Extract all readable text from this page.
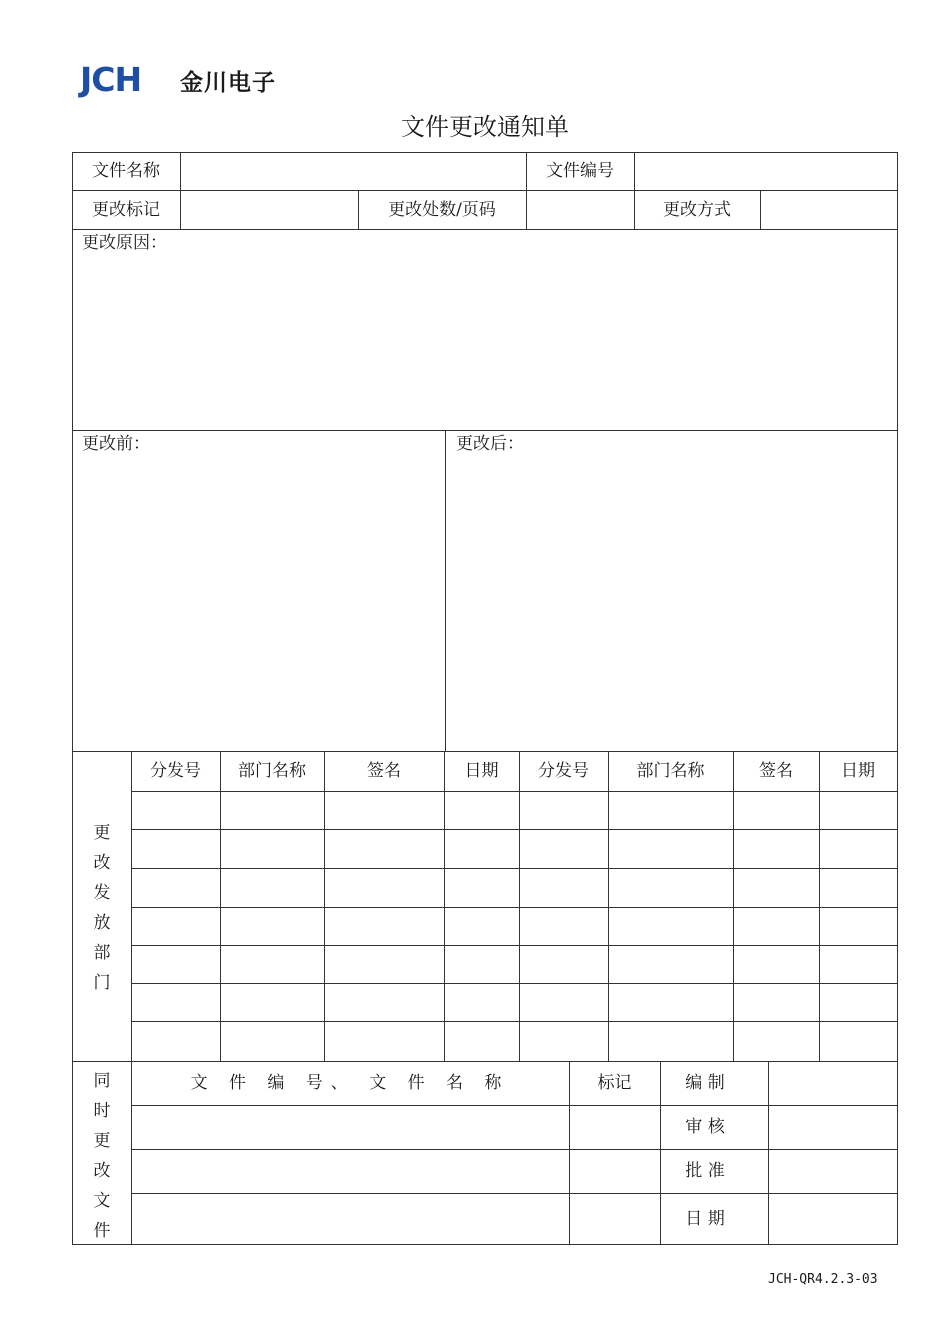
JCH 金川电子
文件更改通知单
文件名称	文件编号
更改标记	更改处数/页码	更改方式
更改原因：
更改前：	更改后：
更
改
发
放
部
门
分发号	部门名称	签名	日期	分发号	部门名称	签名	日期
同
时
更
改
文
件
文 件 编 号、 文 件 名 称	标记	编 制
审 核
批 准
日 期
JCH-QR4.2.3-03
